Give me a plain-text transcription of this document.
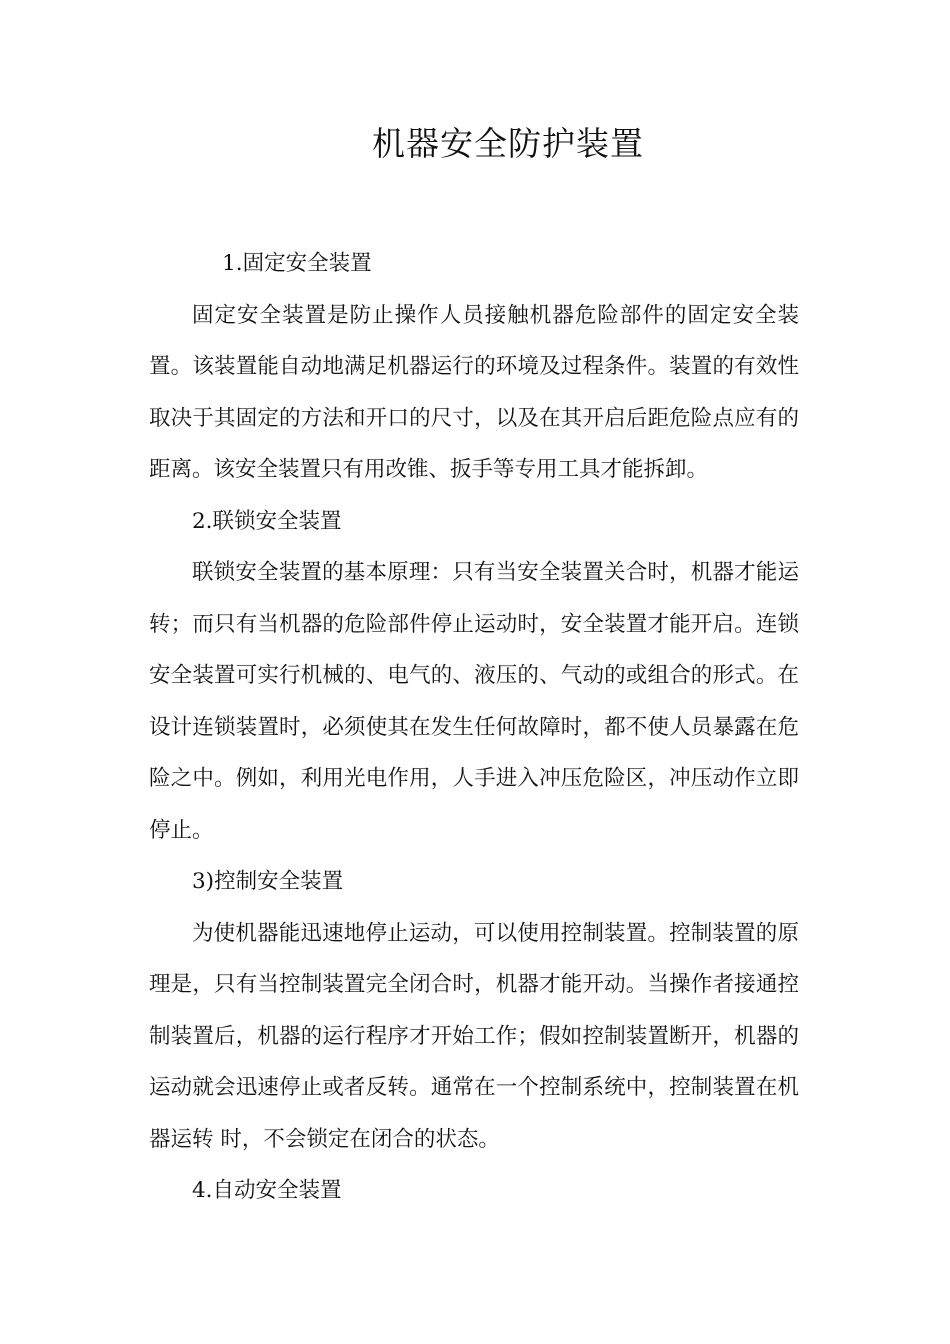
机器安全防护装置

1.固定安全装置

固定安全装置是防止操作人员接触机器危险部件的固定安全装置。该装置能自动地满足机器运行的环境及过程条件。装置的有效性取决于其固定的方法和开口的尺寸，以及在其开启后距危险点应有的距离。该安全装置只有用改锥、扳手等专用工具才能拆卸。

2.联锁安全装置

联锁安全装置的基本原理：只有当安全装置关合时，机器才能运转；而只有当机器的危险部件停止运动时，安全装置才能开启。连锁安全装置可实行机械的、电气的、液压的、气动的或组合的形式。在设计连锁装置时，必须使其在发生任何故障时，都不使人员暴露在危险之中。例如，利用光电作用，人手进入冲压危险区，冲压动作立即停止。

3)控制安全装置

为使机器能迅速地停止运动，可以使用控制装置。控制装置的原理是，只有当控制装置完全闭合时，机器才能开动。当操作者接通控制装置后，机器的运行程序才开始工作；假如控制装置断开，机器的运动就会迅速停止或者反转。通常在一个控制系统中，控制装置在机器运转 时，不会锁定在闭合的状态。

4.自动安全装置
